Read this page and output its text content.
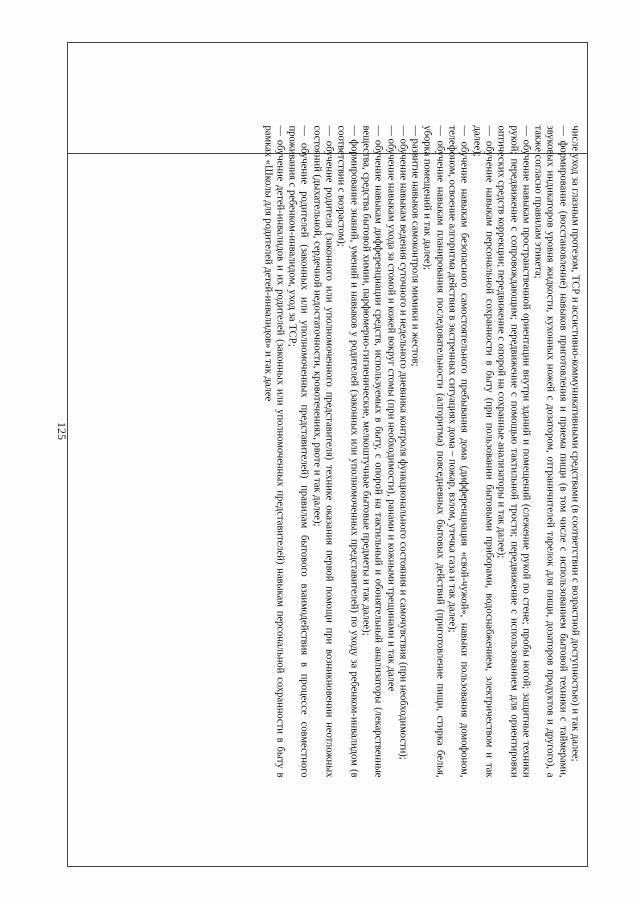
125	числе уход за глазным протезом, ТСР и ассистивно-коммуникативными средствами (в соответствии с возрастной доступностью) и так далее;

— формирование (восстановление) навыков приготовления и приема пищи (в том числе с использованием бытовой техники с таймерами, звуковых индикаторов уровня жидкости, кухонных ножей с дозатором, отграничителей тарелок для пищи, дозаторов продуктов и другого), а также согласно правилам этикета;

— обучение навыкам пространственной ориентации внутри зданий и помещений (слежение рукой по стене; пробы ногой; защитные техники рукой; передвижение с сопровождающим; передвижение с помощью тактильной трости; передвижение с использованием для ориентировки оптических средств коррекции; передвижение с опорой на сохранные анализаторы и так далее);

— обучение навыкам персональной сохранности в быту (при пользовании бытовыми приборами, водоснабжением, электричеством и так далее);

— обучение навыкам безопасного самостоятельного пребывания дома (дифференциация «свой-чужой», навыки пользования домофоном, телефоном, освоение алгоритма действия в экстренных ситуациях дома – пожар, взлом, утечка газа и так далее);

— обучение навыкам планирования последовательности (алгоритма) повседневных бытовых действий (приготовление пищи, стирка белья, уборка помещений и так далее);

— развитие навыков самоконтроля мимики и жестов;

— обучение навыкам ведения суточного и недельного дневника контроля функционального состояния и самочувствия (при необходимости);

— обучение навыкам ухода за стомой и кожей вокруг стомы (при необходимости), ранами и кожными трещинами и так далее

— обучение навыкам дифференциации средств, используемых в быту, с опорой на тактильный и обонятельный анализаторы (лекарственные вещества, средства бытовой химии, парфюмерно-гигиенические, мелкоштучные бытовые предметы и так далее);

— формирование знаний, умений и навыков у родителей (законных или уполномоченных представителей) по уходу за ребенком-инвалидом (в соответствии с возрастом);

— обучение родителя (законного или уполномоченного представителя) технике оказания первой помощи при возникновении неотложных состояний (дыхательной, сердечной недостаточности, кровотечениях, рвоте и так далее);

— обучение родителей (законных или уполномоченных представителей) правилам бытового взаимодействия в процессе совместного проживания с ребенком-инвалидом, уход за ТСР;

— обучение детей-инвалидов и их родителей (законных или уполномоченных представителей) навыкам персональной сохранности в быту в рамках «Школы для родителей детей-инвалидов» и так далее
